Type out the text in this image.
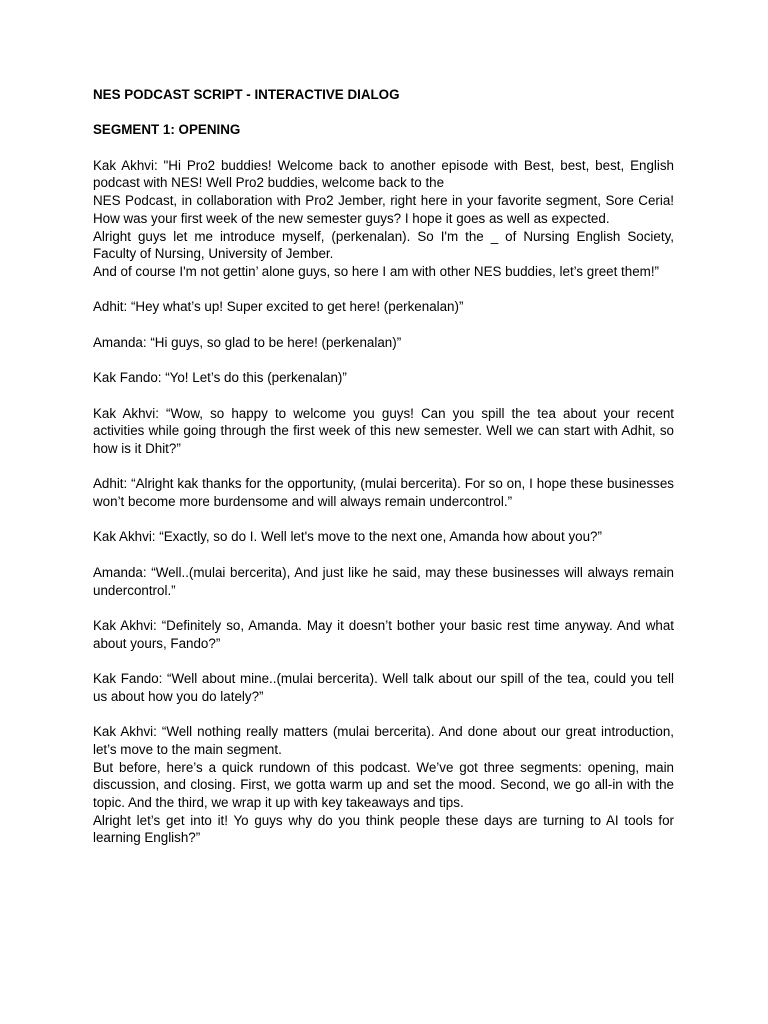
NES PODCAST SCRIPT - INTERACTIVE DIALOG

SEGMENT 1: OPENING

Kak Akhvi: "Hi Pro2 buddies! Welcome back to another episode with Best, best, best, English podcast with NES! Well Pro2 buddies, welcome back to the

NES Podcast, in collaboration with Pro2 Jember, right here in your favorite segment, Sore Ceria! How was your first week of the new semester guys? I hope it goes as well as expected.

Alright guys let me introduce myself, (perkenalan). So I'm the _ of Nursing English Society, Faculty of Nursing, University of Jember.

And of course I'm not gettin’ alone guys, so here I am with other NES buddies, let’s greet them!”

Adhit: “Hey what’s up! Super excited to get here! (perkenalan)”

Amanda: “Hi guys, so glad to be here! (perkenalan)”

Kak Fando: “Yo! Let’s do this (perkenalan)”

Kak Akhvi: “Wow, so happy to welcome you guys! Can you spill the tea about your recent activities while going through the first week of this new semester. Well we can start with Adhit, so how is it Dhit?”

Adhit: “Alright kak thanks for the opportunity, (mulai bercerita). For so on, I hope these businesses won’t become more burdensome and will always remain undercontrol.”

Kak Akhvi: “Exactly, so do I. Well let's move to the next one, Amanda how about you?”

Amanda: “Well..(mulai bercerita), And just like he said, may these businesses will always remain undercontrol.”

Kak Akhvi: “Definitely so, Amanda. May it doesn’t bother your basic rest time anyway. And what about yours, Fando?”

Kak Fando: “Well about mine..(mulai bercerita). Well talk about our spill of the tea, could you tell us about how you do lately?”

Kak Akhvi: “Well nothing really matters (mulai bercerita). And done about our great introduction, let’s move to the main segment.

But before, here’s a quick rundown of this podcast. We’ve got three segments: opening, main discussion, and closing. First, we gotta warm up and set the mood. Second, we go all-in with the topic. And the third, we wrap it up with key takeaways and tips.

Alright let’s get into it! Yo guys why do you think people these days are turning to AI tools for learning English?”
